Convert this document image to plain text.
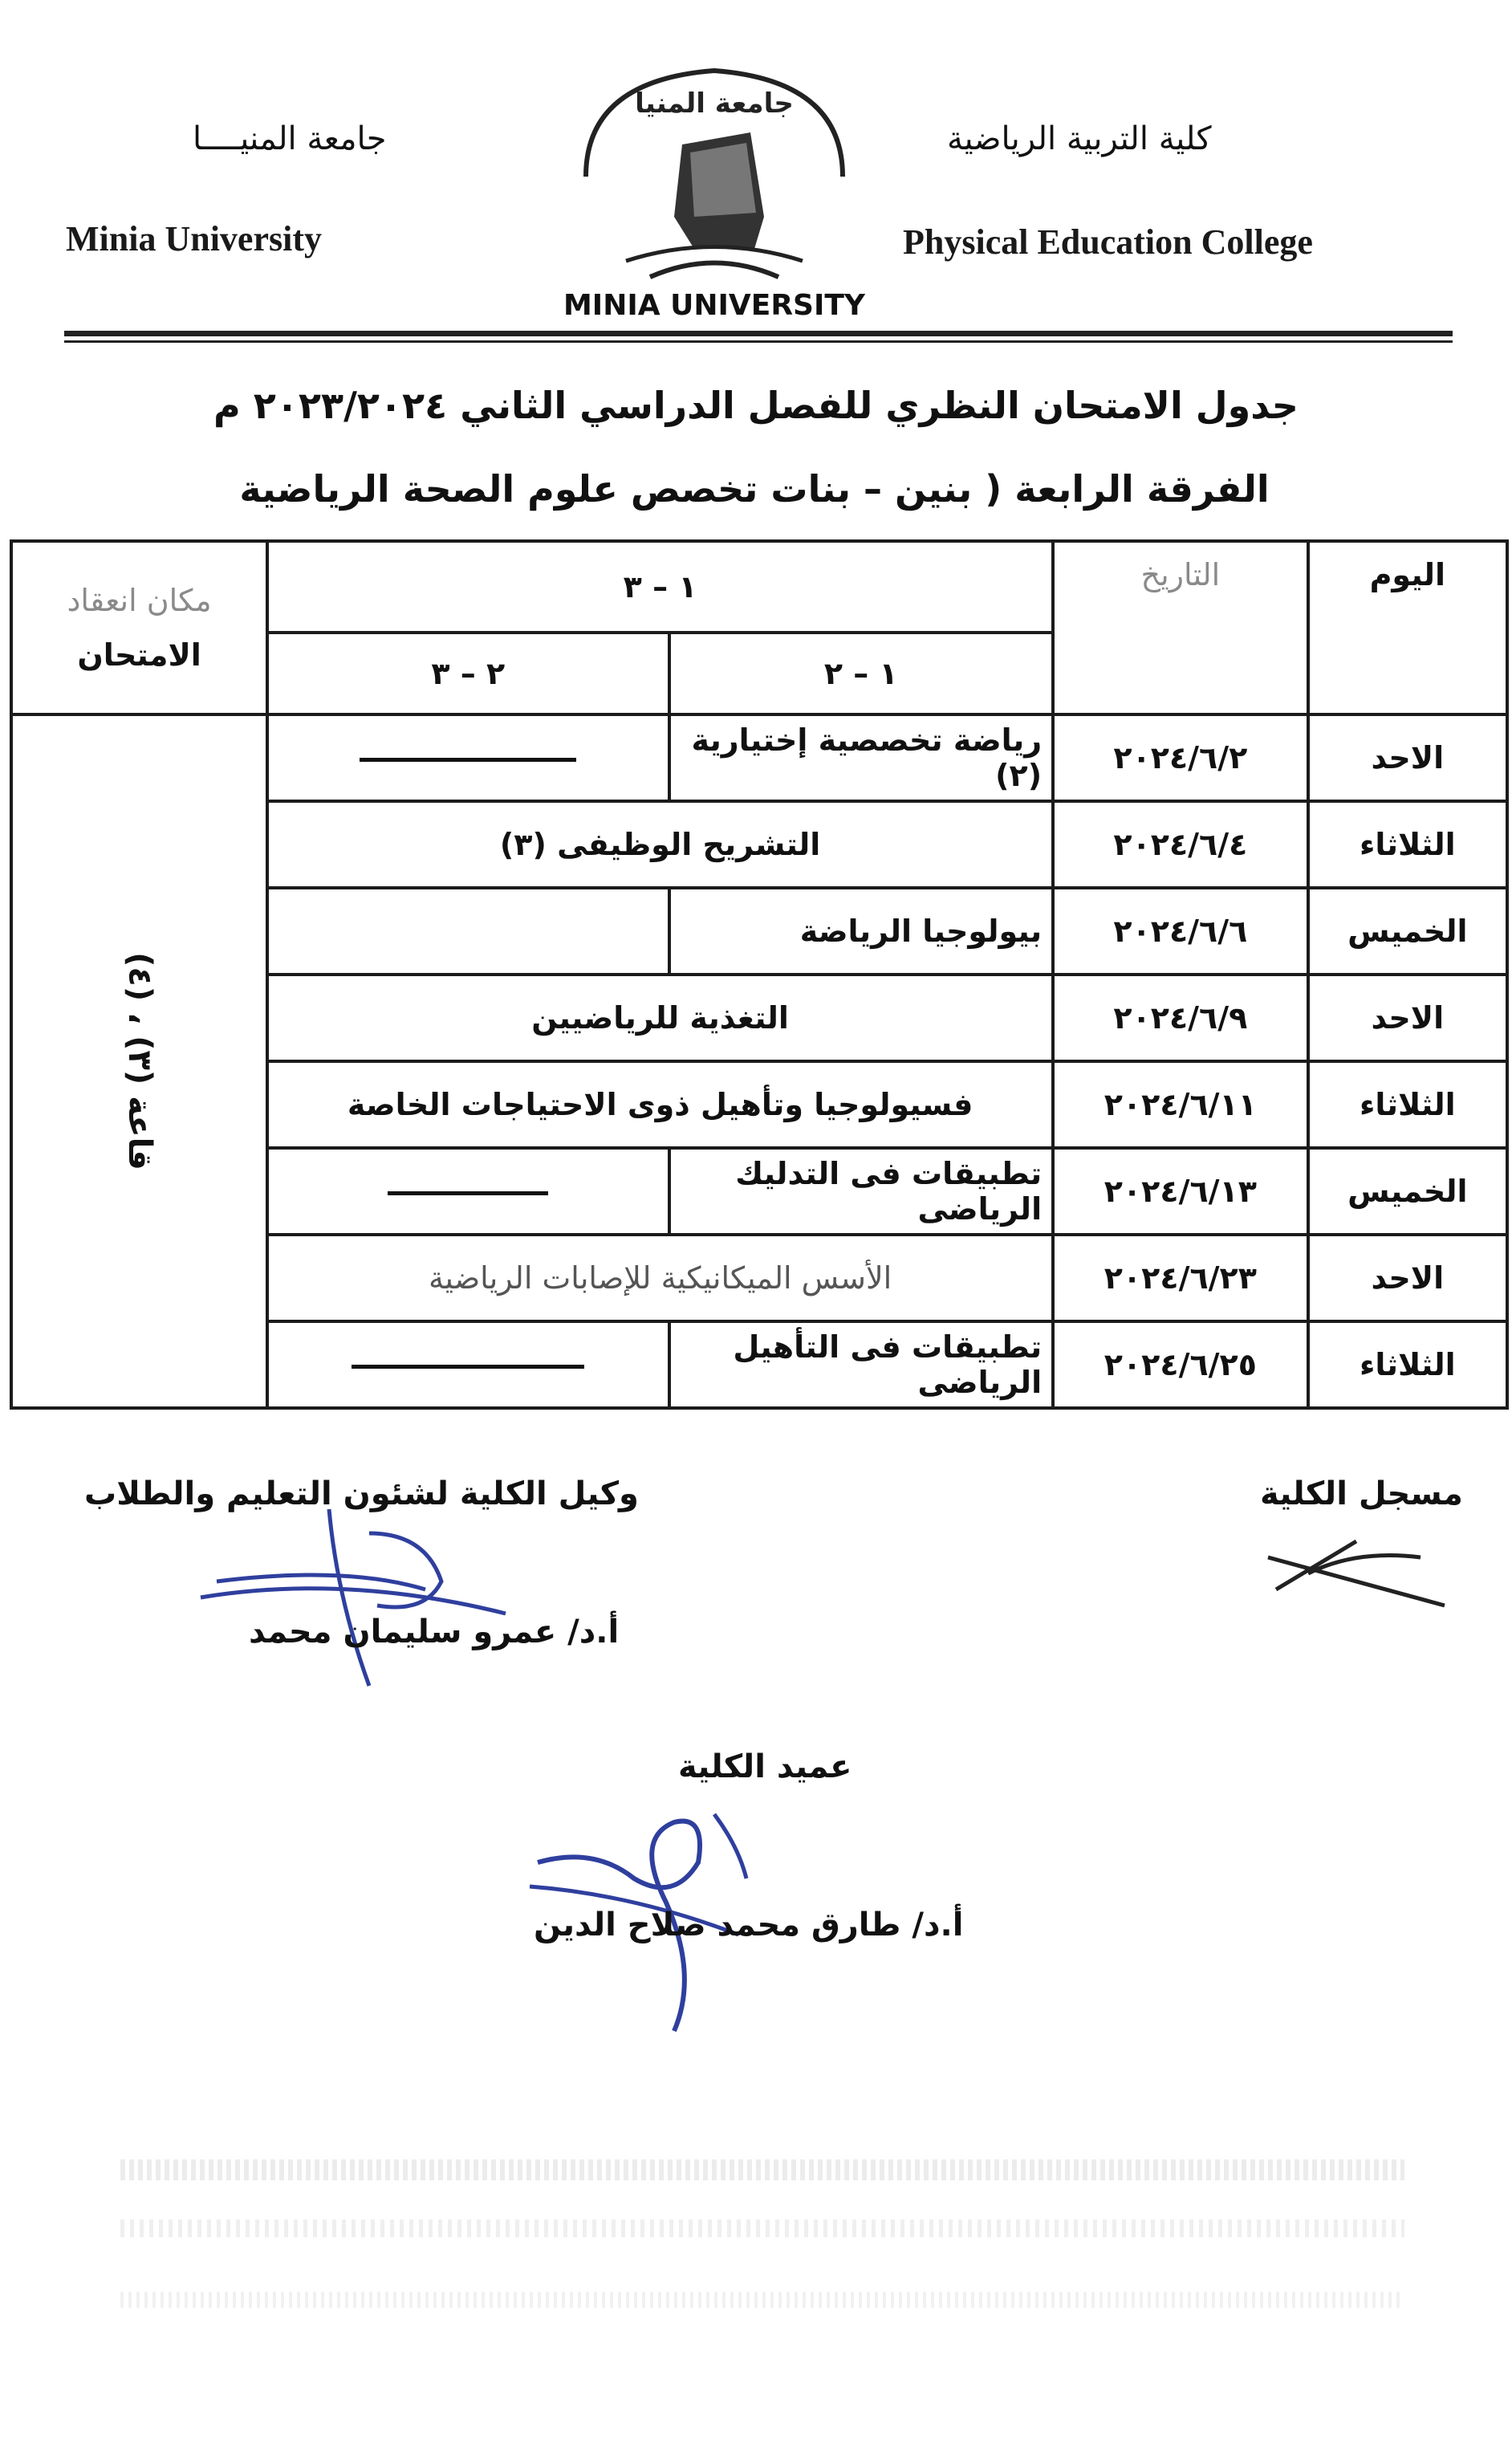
جامعة المنيــــا
Minia University
كلية التربية الرياضية
Physical Education College
جامعة المنيا
MINIA UNIVERSITY
جدول الامتحان النظري للفصل الدراسي الثاني ٢٠٢٣/٢٠٢٤ م
الفرقة الرابعة ( بنين – بنات تخصص علوم الصحة الرياضية
اليوم	التاريخ	١ – ٣		مكان انعقاد
الامتحان

		١ – ٢	٢ – ٣	
الاحد	٢٠٢٤/٦/٢	رياضة تخصصية إختيارية (٢)		قاعة (٣) ، (٤)
الثلاثاء	٢٠٢٤/٦/٤	التشريح الوظيفى (٣)		
الخميس	٢٠٢٤/٦/٦	بيولوجيا الرياضة		
الاحد	٢٠٢٤/٦/٩	التغذية للرياضيين		
الثلاثاء	٢٠٢٤/٦/١١	فسيولوجيا وتأهيل ذوى الاحتياجات الخاصة		
الخميس	٢٠٢٤/٦/١٣	تطبيقات فى التدليك الرياضى		
الاحد	٢٠٢٤/٦/٢٣	الأسس الميكانيكية للإصابات الرياضية		
الثلاثاء	٢٠٢٤/٦/٢٥	تطبيقات فى التأهيل الرياضى		
مسجل الكلية
وكيل الكلية لشئون التعليم والطلاب
أ.د/ عمرو سليمان محمد
عميد الكلية
أ.د/ طارق محمد صلاح الدين
